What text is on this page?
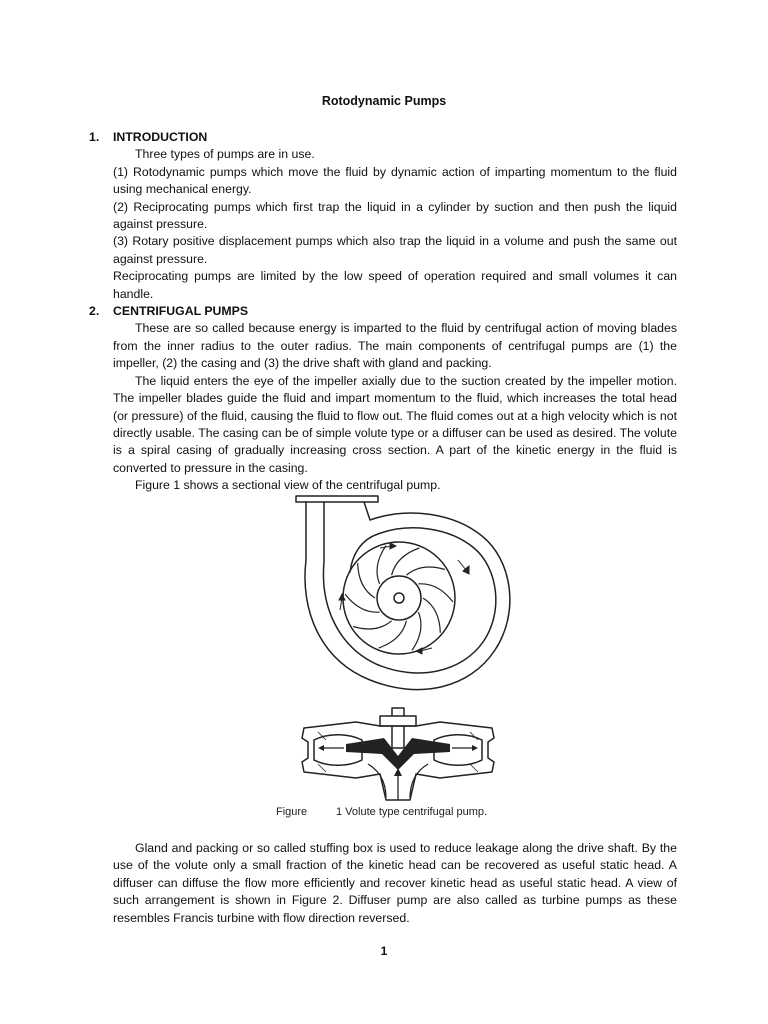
Rotodynamic Pumps

1. INTRODUCTION

Three types of pumps are in use.

(1) Rotodynamic pumps which move the fluid by dynamic action of imparting momentum to the fluid using mechanical energy.

(2) Reciprocating pumps which first trap the liquid in a cylinder by suction and then push the liquid against pressure.

(3) Rotary positive displacement pumps which also trap the liquid in a volume and push the same out against pressure.

Reciprocating pumps are limited by the low speed of operation required and small volumes it can handle.

2. CENTRIFUGAL PUMPS

These are so called because energy is imparted to the fluid by centrifugal action of moving blades from the inner radius to the outer radius. The main components of centrifugal pumps are (1) the impeller, (2) the casing and (3) the drive shaft with gland and packing.

The liquid enters the eye of the impeller axially due to the suction created by the impeller motion. The impeller blades guide the fluid and impart momentum to the fluid, which increases the total head (or pressure) of the fluid, causing the fluid to flow out. The fluid comes out at a high velocity which is not directly usable. The casing can be of simple volute type or a diffuser can be used as desired. The volute is a spiral casing of gradually increasing cross section. A part of the kinetic energy in the fluid is converted to pressure in the casing.

Figure 1 shows a sectional view of the centrifugal pump.

Figure	1 Volute type centrifugal pump.

Gland and packing or so called stuffing box is used to reduce leakage along the drive shaft. By the use of the volute only a small fraction of the kinetic head can be recovered as useful static head. A diffuser can diffuse the flow more efficiently and recover kinetic head as useful static head. A view of such arrangement is shown in Figure 2. Diffuser pump are also called as turbine pumps as these resembles Francis turbine with flow direction reversed.

1
